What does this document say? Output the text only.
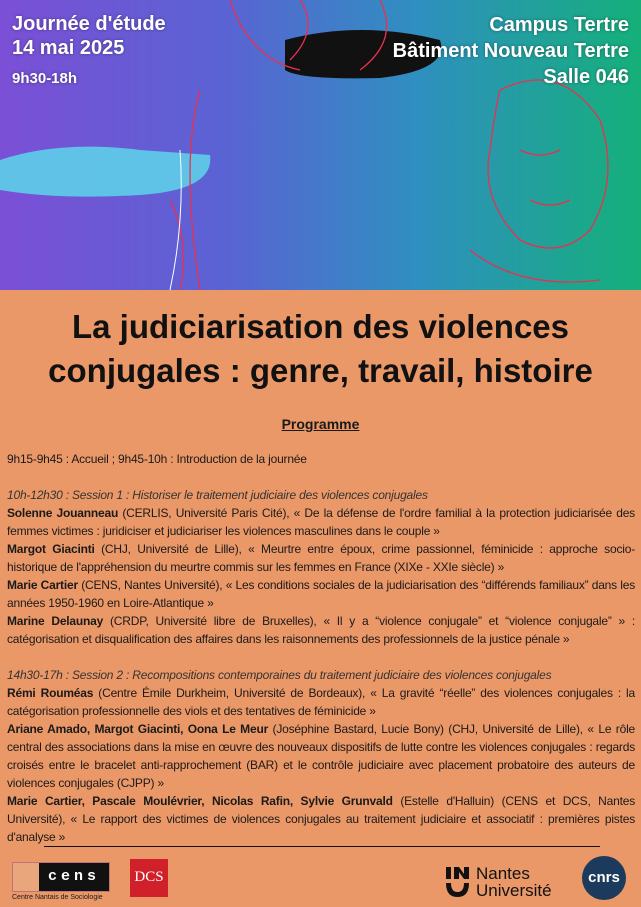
Journée d'étude
14 mai 2025
9h30-18h
Campus Tertre
Bâtiment Nouveau Tertre
Salle 046
La judiciarisation des violences conjugales : genre, travail, histoire
Programme
9h15-9h45 : Accueil ; 9h45-10h : Introduction de la journée
10h-12h30 : Session 1 : Historiser le traitement judiciaire des violences conjugales
Solenne Jouanneau (CERLIS, Université Paris Cité), « De la défense de l'ordre familial à la protection judiciarisée des femmes victimes : juridiciser et judiciariser les violences masculines dans le couple »
Margot Giacinti (CHJ, Université de Lille), « Meurtre entre époux, crime passionnel, féminicide : approche socio-historique de l'appréhension du meurtre commis sur les femmes en France (XIXe - XXIe siècle) »
Marie Cartier (CENS, Nantes Université), « Les conditions sociales de la judiciarisation des “différends familiaux” dans les années 1950-1960 en Loire-Atlantique »
Marine Delaunay (CRDP, Université libre de Bruxelles), « Il y a “violence conjugale” et “violence conjugale” » : catégorisation et disqualification des affaires dans les raisonnements des professionnels de la justice pénale »
14h30-17h : Session 2 : Recompositions contemporaines du traitement judiciaire des violences conjugales
Rémi Rouméas (Centre Émile Durkheim, Université de Bordeaux), « La gravité “réelle” des violences conjugales : la catégorisation professionnelle des viols et des tentatives de féminicide »
Ariane Amado, Margot Giacinti, Oona Le Meur (Joséphine Bastard, Lucie Bony) (CHJ, Université de Lille), « Le rôle central des associations dans la mise en œuvre des nouveaux dispositifs de lutte contre les violences conjugales : regards croisés entre le bracelet anti-rapprochement (BAR) et le contrôle judiciaire avec placement probatoire des auteurs de violences conjugales (CJPP) »
Marie Cartier, Pascale Moulévrier, Nicolas Rafin, Sylvie Grunvald (Estelle d'Halluin) (CENS et DCS, Nantes Université), « Le rapport des victimes de violences conjugales au traitement judiciaire et associatif : premières pistes d'analyse »
cens
Centre Nantais de Sociologie
DCS	Nantes
Université
cnrs
